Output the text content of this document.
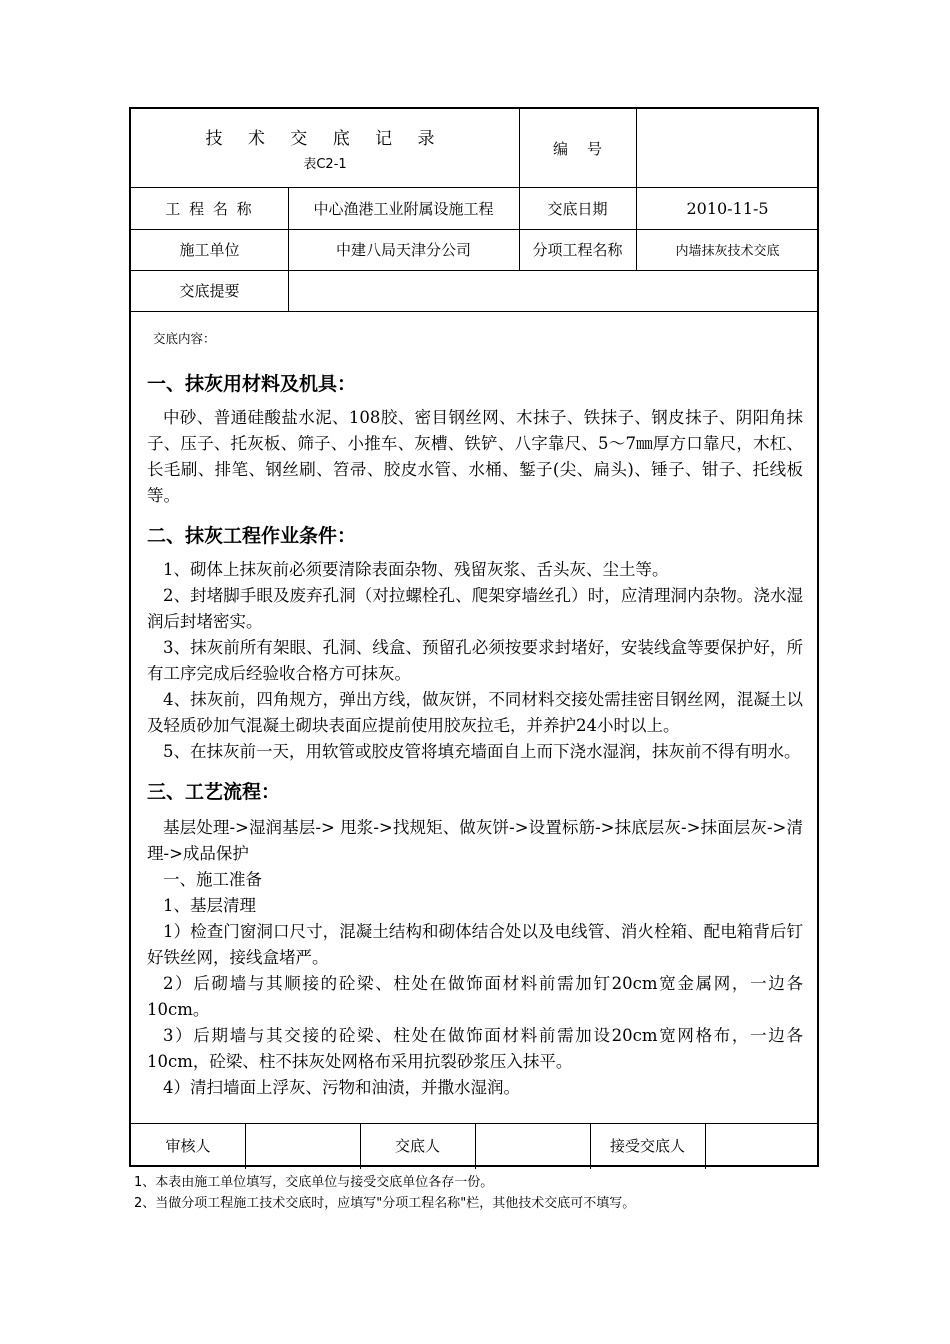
技 术 交 底 记 录
表C2-1
编    号
工 程 名 称	中心渔港工业附属设施工程	交底日期	2010-11-5
施工单位	中建八局天津分公司	分项工程名称	内墙抹灰技术交底
交底提要
交底内容：
一、抹灰用材料及机具：
中砂、普通硅酸盐水泥、108胶、密目钢丝网、木抹子、铁抹子、钢皮抹子、阴阳角抹子、压子、托灰板、筛子、小推车、灰槽、铁铲、八字靠尺、5～7㎜厚方口靠尺，木杠、长毛刷、排笔、钢丝刷、笤帚、胶皮水管、水桶、錾子(尖、扁头)、锤子、钳子、托线板等。
二、抹灰工程作业条件：
1、砌体上抹灰前必须要清除表面杂物、残留灰浆、舌头灰、尘土等。
2、封堵脚手眼及废弃孔洞（对拉螺栓孔、爬架穿墙丝孔）时，应清理洞内杂物。浇水湿润后封堵密实。
3、抹灰前所有架眼、孔洞、线盒、预留孔必须按要求封堵好，安装线盒等要保护好，所有工序完成后经验收合格方可抹灰。
4、抹灰前，四角规方，弹出方线，做灰饼，不同材料交接处需挂密目钢丝网，混凝土以及轻质砂加气混凝土砌块表面应提前使用胶灰拉毛，并养护24小时以上。
5、在抹灰前一天，用软管或胶皮管将填充墙面自上而下浇水湿润，抹灰前不得有明水。
三、工艺流程：
基层处理->湿润基层-> 甩浆->找规矩、做灰饼->设置标筋->抹底层灰->抹面层灰->清理->成品保护
一、施工准备
1、基层清理
1）检查门窗洞口尺寸，混凝土结构和砌体结合处以及电线管、消火栓箱、配电箱背后钉好铁丝网，接线盒堵严。
2）后砌墙与其顺接的砼梁、柱处在做饰面材料前需加钉20cm宽金属网，一边各10cm。
3）后期墙与其交接的砼梁、柱处在做饰面材料前需加设20cm宽网格布，一边各10cm，砼梁、柱不抹灰处网格布采用抗裂砂浆压入抹平。
4）清扫墙面上浮灰、污物和油渍，并撒水湿润。
审核人	交底人	接受交底人
1、本表由施工单位填写，交底单位与接受交底单位各存一份。
2、当做分项工程施工技术交底时，应填写"分项工程名称"栏，其他技术交底可不填写。
